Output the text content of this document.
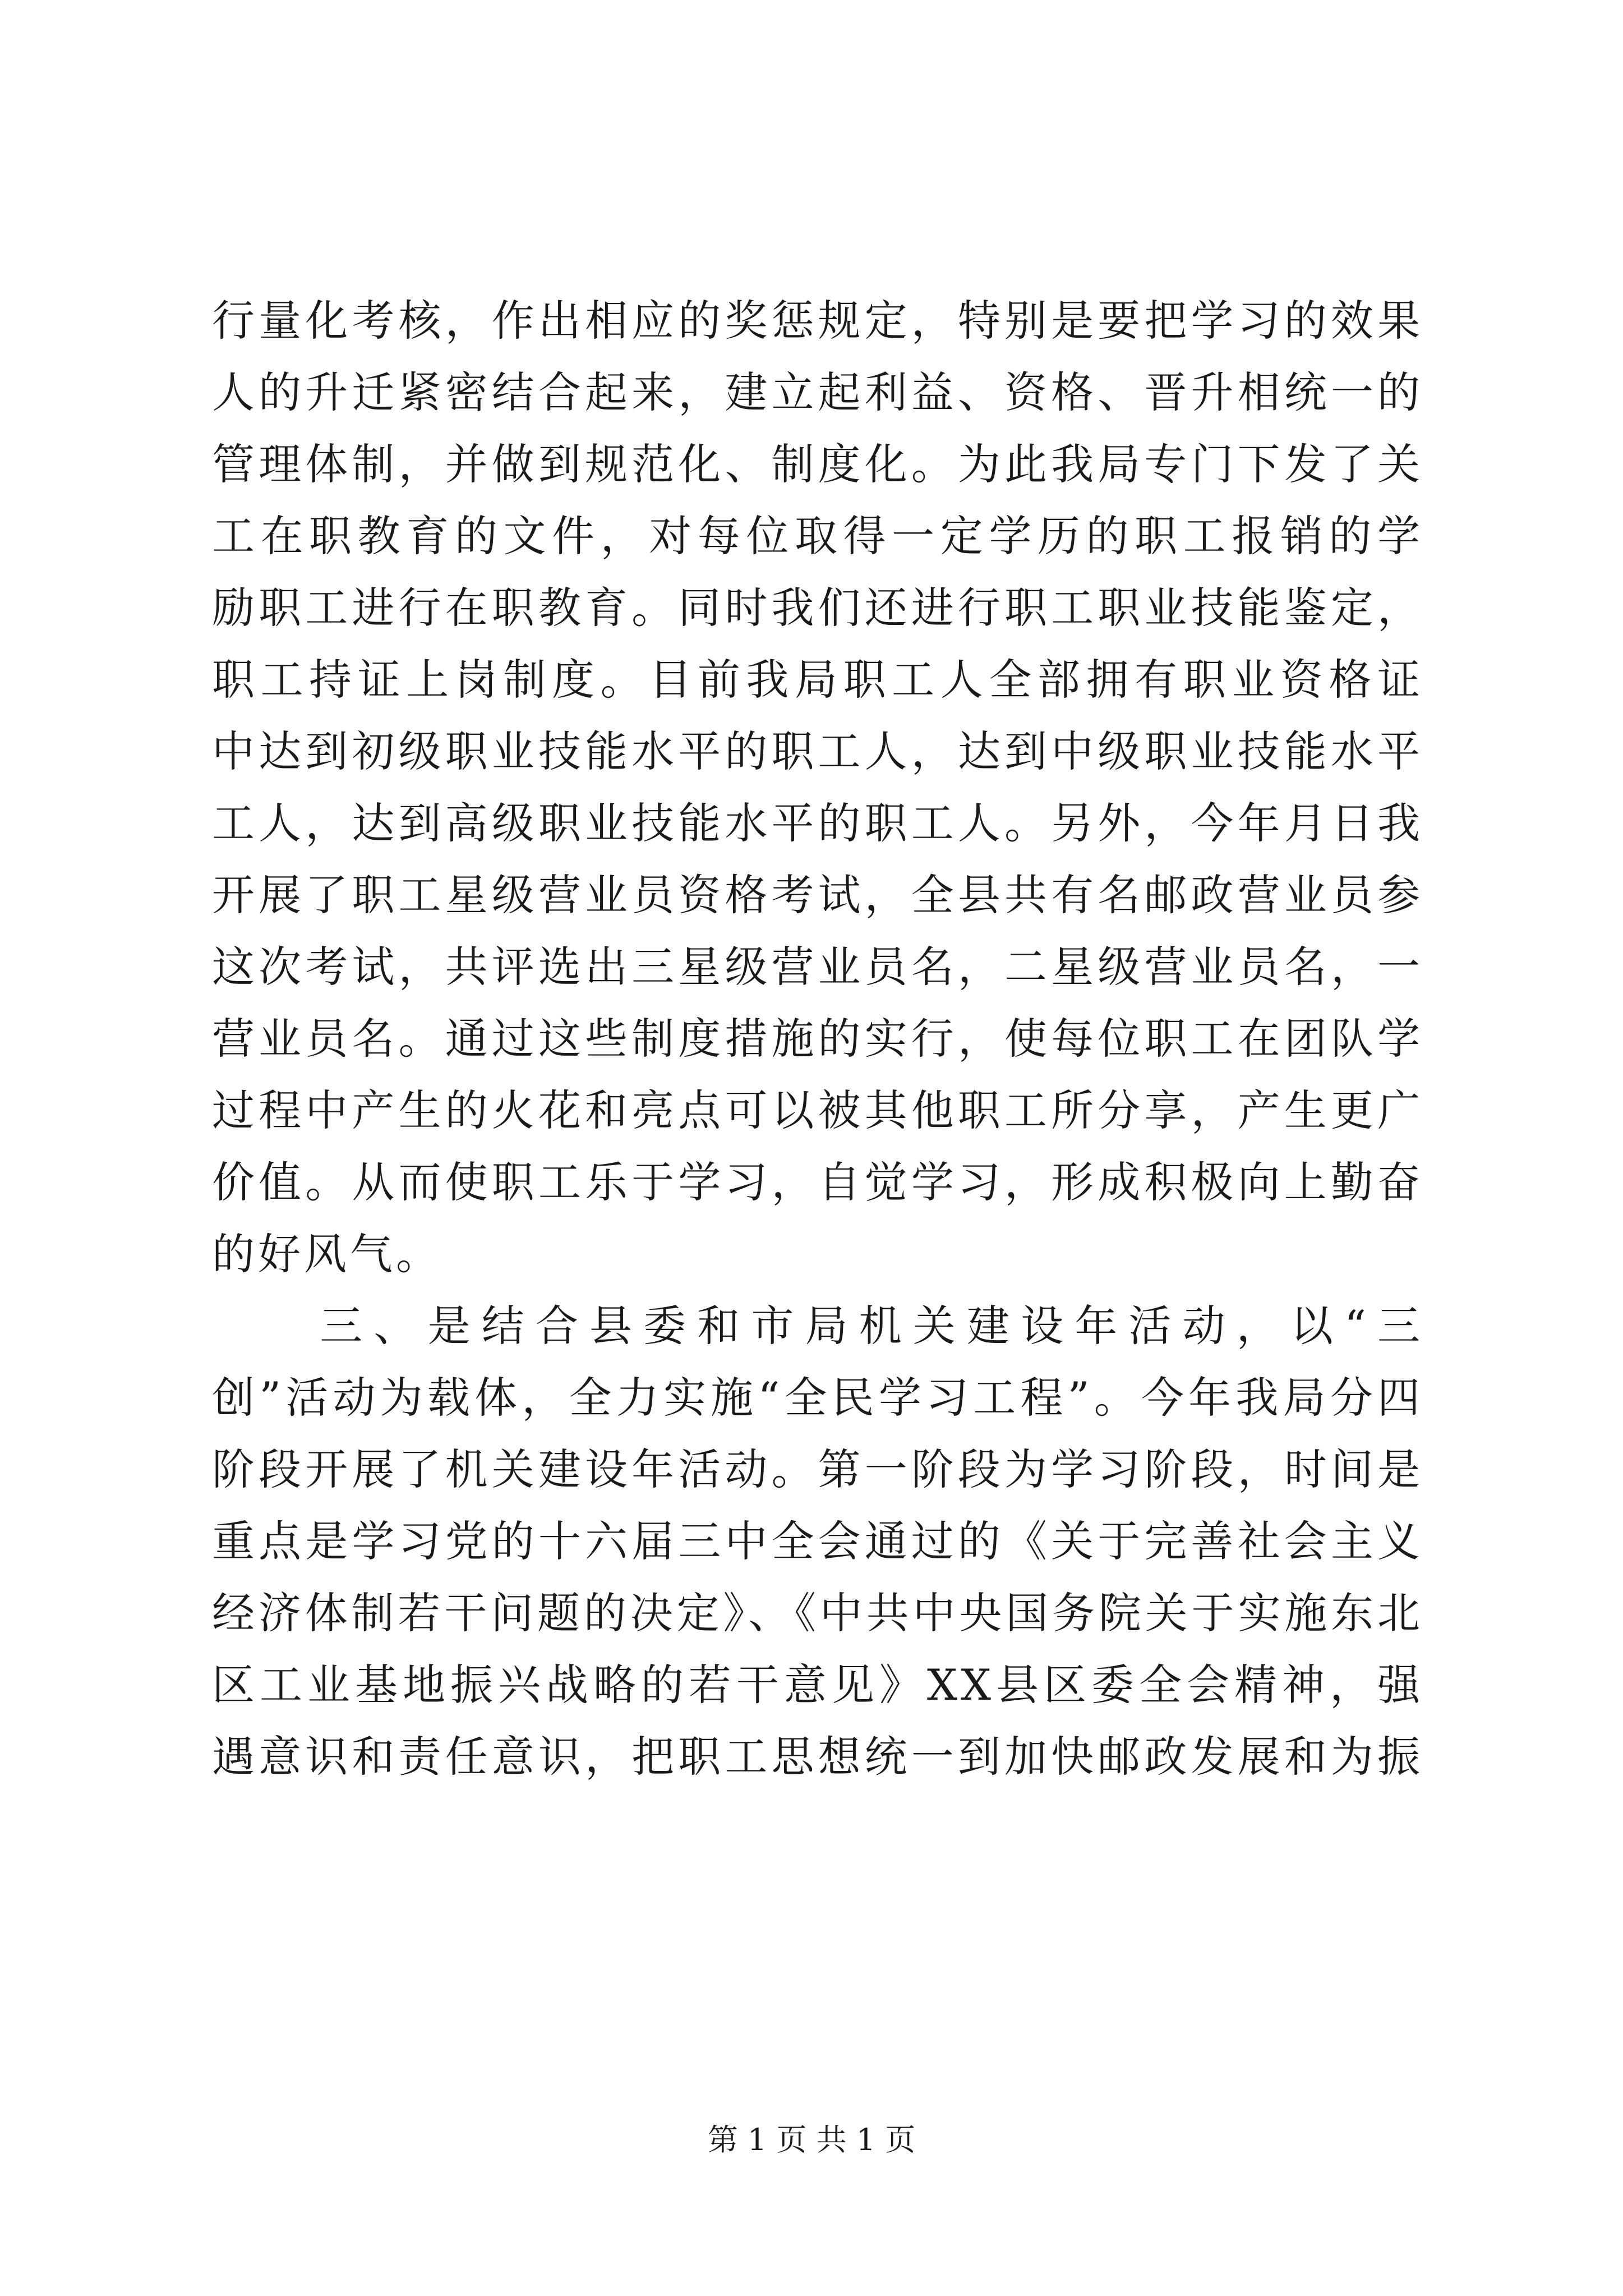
行量化考核，作出相应的奖惩规定，特别是要把学习的效果
人的升迁紧密结合起来，建立起利益、资格、晋升相统一的
管理体制，并做到规范化、制度化。为此我局专门下发了关
工在职教育的文件，对每位取得一定学历的职工报销的学
励职工进行在职教育。同时我们还进行职工职业技能鉴定，
职工持证上岗制度。目前我局职工人全部拥有职业资格证
中达到初级职业技能水平的职工人，达到中级职业技能水平
工人，达到高级职业技能水平的职工人。另外，今年月日我
开展了职工星级营业员资格考试，全县共有名邮政营业员参
这次考试，共评选出三星级营业员名，二星级营业员名，一
营业员名。通过这些制度措施的实行，使每位职工在团队学
过程中产生的火花和亮点可以被其他职工所分享，产生更广
价值。从而使职工乐于学习，自觉学习，形成积极向上勤奋
的好风气。
　　三、是结合县委和市局机关建设年活动，以“三
创”活动为载体，全力实施“全民学习工程”。今年我局分四
阶段开展了机关建设年活动。第一阶段为学习阶段，时间是
重点是学习党的十六届三中全会通过的《关于完善社会主义
经济体制若干问题的决定》、《中共中央国务院关于实施东北
区工业基地振兴战略的若干意见》XX县区委全会精神，强
遇意识和责任意识，把职工思想统一到加快邮政发展和为振
第 1 页 共 1 页
